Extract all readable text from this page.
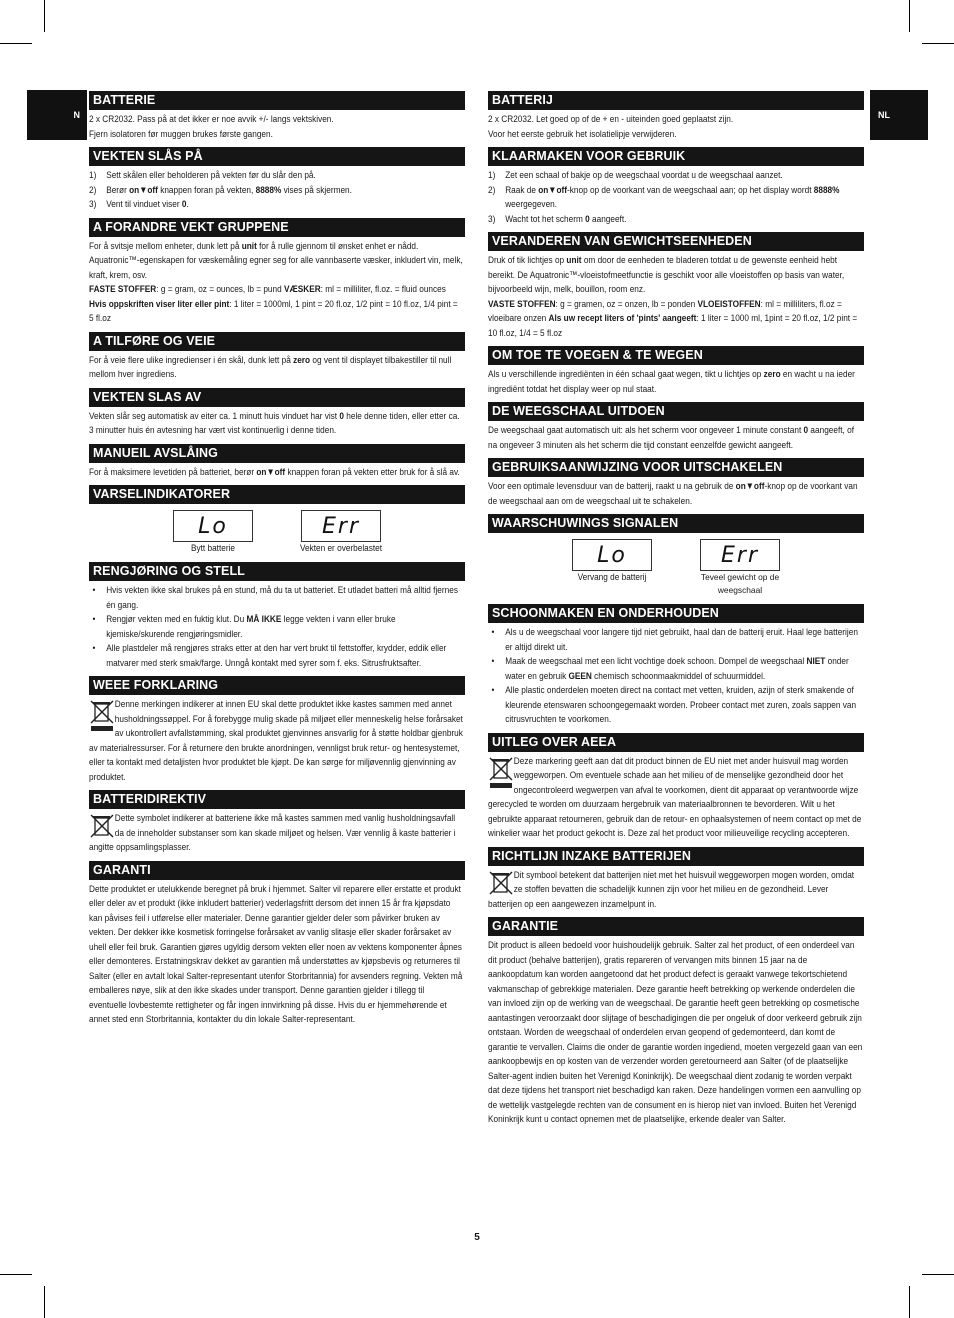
N	NL
BATTERIE
2 x CR2032. Pass på at det ikker er noe avvik +/- langs vektskiven.
Fjern isolatoren før muggen brukes første gangen.
VEKTEN SLÅS PÅ
1)	Sett skålen eller beholderen på vekten før du slår den på.
2)	Berør on▼off knappen foran på vekten, 8888% vises på skjermen.
3)	Vent til vinduet viser 0.
A FORANDRE VEKT GRUPPENE
For å svitsje mellom enheter, dunk lett på unit for å rulle gjennom til ønsket enhet er nådd. Aquatronic™-egenskapen for væskemåling egner seg for alle vannbaserte væsker, inkludert vin, melk, kraft, krem, osv.
FASTE STOFFER: g = gram, oz = ounces, lb = pund VÆSKER: ml = milliliter, fl.oz. = fluid ounces Hvis oppskriften viser liter eller pint: 1 liter = 1000ml, 1 pint = 20 fl.oz, 1/2 pint = 10 fl.oz, 1/4 pint = 5 fl.oz
A TILFØRE OG VEIE
For å veie flere ulike ingredienser i én skål, dunk lett på zero og vent til displayet tilbakestiller til null mellom hver ingrediens.
VEKTEN SLAS AV
Vekten slår seg automatisk av eiter ca. 1 minutt huis vinduet har vist 0 hele denne tiden, eller etter ca. 3 minutter huis én avtesning har vært vist kontinuerlig i denne tiden.
MANUEIL AVSLÅING
For å maksimere levetiden på batteriet, berør on▼off knappen foran på vekten etter bruk for å slå av.
VARSELINDIKATORER
Lo
Bytt batterie
Err
Vekten er overbelastet
RENGJØRING OG STELL
•	Hvis vekten ikke skal brukes på en stund, må du ta ut batteriet. Et utladet batteri må alltid fjernes én gang.
•	Rengjør vekten med en fuktig klut. Du MÅ IKKE legge vekten i vann eller bruke kjemiske/skurende rengjøringsmidler.
•	Alle plastdeler må rengjøres straks etter at den har vert brukt til fettstoffer, krydder, eddik eller matvarer med sterk smak/farge. Unngå kontakt med syrer som f. eks. Sitrusfruktsafter.
WEEE FORKLARING
Denne merkingen indikerer at innen EU skal dette produktet ikke kastes sammen med annet husholdningssøppel. For å forebygge mulig skade på miljøet eller menneskelig helse forårsaket av ukontrollert avfallstømming, skal produktet gjenvinnes ansvarlig for å støtte holdbar gjenbruk av materialressurser. For å returnere den brukte anordningen, vennligst bruk retur- og hentesystemet, eller ta kontakt med detaljisten hvor produktet ble kjøpt. De kan sørge for miljøvennlig gjenvinning av produktet.
BATTERIDIREKTIV
Dette symbolet indikerer at batteriene ikke må kastes sammen med vanlig husholdningsavfall da de inneholder substanser som kan skade miljøet og helsen. Vær vennlig å kaste batterier i angitte oppsamlingsplasser.
GARANTI
Dette produktet er utelukkende beregnet på bruk i hjemmet. Salter vil reparere eller erstatte et produkt eller deler av et produkt (ikke inkludert batterier) vederlagsfritt dersom det innen 15 år fra kjøpsdato kan påvises feil i utførelse eller materialer. Denne garantier gjelder deler som påvirker bruken av vekten. Der dekker ikke kosmetisk forringelse forårsaket av vanlig slitasje eller skader forårsaket av uhell eller feil bruk. Garantien gjøres ugyldig dersom vekten eller noen av vektens komponenter åpnes eller demonteres. Erstatningskrav dekket av garantien må understøttes av kjøpsbevis og returneres til Salter (eller en avtalt lokal Salter-representant utenfor Storbritannia) for avsenders regning. Vekten må emballeres nøye, slik at den ikke skades under transport. Denne garantien gjelder i tillegg til eventuelle lovbestemte rettigheter og får ingen innvirkning på disse. Hvis du er hjemmehørende et annet sted enn Storbritannia, kontakter du din lokale Salter-representant.
BATTERIJ
2 x CR2032. Let goed op of de + en - uiteinden goed geplaatst zijn.
Voor het eerste gebruik het isolatielipje verwijderen.
KLAARMAKEN VOOR GEBRUIK
1)	Zet een schaal of bakje op de weegschaal voordat u de weegschaal aanzet.
2)	Raak de on▼off-knop op de voorkant van de weegschaal aan; op het display wordt 8888% weergegeven.
3)	Wacht tot het scherm 0 aangeeft.
VERANDEREN VAN GEWICHTSEENHEDEN
Druk of tik lichtjes op unit om door de eenheden te bladeren totdat u de gewenste eenheid hebt bereikt. De Aquatronic™-vloeistofmeetfunctie is geschikt voor alle vloeistoffen op basis van water, bijvoorbeeld wijn, melk, bouillon, room enz.
VASTE STOFFEN: g = gramen, oz = onzen, lb = ponden VLOEISTOFFEN: ml = milliliters, fl.oz = vloeibare onzen Als uw recept liters of 'pints' aangeeft: 1 liter = 1000 ml, 1pint = 20 fl.oz, 1/2 pint = 10 fl.oz, 1/4 = 5 fl.oz
OM TOE TE VOEGEN & TE WEGEN
Als u verschillende ingrediënten in één schaal gaat wegen, tikt u lichtjes op zero en wacht u na ieder ingrediënt totdat het display weer op nul staat.
DE WEEGSCHAAL UITDOEN
De weegschaal gaat automatisch uit: als het scherm voor ongeveer 1 minute constant 0 aangeeft, of na ongeveer 3 minuten als het scherm die tijd constant eenzelfde gewicht aangeeft.
GEBRUIKSAANWIJZING VOOR UITSCHAKELEN
Voor een optimale levensduur van de batterij, raakt u na gebruik de on▼off-knop op de voorkant van de weegschaal aan om de weegschaal uit te schakelen.
WAARSCHUWINGS SIGNALEN
Lo
Vervang de batterij
Err
Teveel gewicht op de weegschaal
SCHOONMAKEN EN ONDERHOUDEN
•	Als u de weegschaal voor langere tijd niet gebruikt, haal dan de batterij eruit. Haal lege batterijen er altijd direkt uit.
•	Maak de weegschaal met een licht vochtige doek schoon. Dompel de weegschaal NIET onder water en gebruik GEEN chemisch schoonmaakmiddel of schuurmiddel.
•	Alle plastic onderdelen moeten direct na contact met vetten, kruiden, azijn of sterk smakende of kleurende etenswaren schoongegemaakt worden. Probeer contact met zuren, zoals sappen van citrusvruchten te voorkomen.
UITLEG OVER AEEA
Deze markering geeft aan dat dit product binnen de EU niet met ander huisvuil mag worden weggeworpen. Om eventuele schade aan het milieu of de menselijke gezondheid door het ongecontroleerd wegwerpen van afval te voorkomen, dient dit apparaat op verantwoorde wijze gerecycled te worden om duurzaam hergebruik van materiaalbronnen te bevorderen. Wilt u het gebruikte apparaat retourneren, gebruik dan de retour- en ophaalsystemen of neem contact op met de winkelier waar het product gekocht is. Deze zal het product voor milieuveilige recycling accepteren.
RICHTLIJN INZAKE BATTERIJEN
Dit symbool betekent dat batterijen niet met het huisvuil weggeworpen mogen worden, omdat ze stoffen bevatten die schadelijk kunnen zijn voor het milieu en de gezondheid. Lever batterijen op een aangewezen inzamelpunt in.
GARANTIE
Dit product is alleen bedoeld voor huishoudelijk gebruik. Salter zal het product, of een onderdeel van dit product (behalve batterijen), gratis repareren of vervangen mits binnen 15 jaar na de aankoopdatum kan worden aangetoond dat het product defect is geraakt vanwege tekortschietend vakmanschap of gebrekkige materialen. Deze garantie heeft betrekking op werkende onderdelen die van invloed zijn op de werking van de weegschaal. De garantie heeft geen betrekking op cosmetische aantastingen veroorzaakt door slijtage of beschadigingen die per ongeluk of door verkeerd gebruik zijn ontstaan. Worden de weegschaal of onderdelen ervan geopend of gedemonteerd, dan komt de garantie te vervallen. Claims die onder de garantie worden ingediend, moeten vergezeld gaan van een aankoopbewijs en op kosten van de verzender worden geretourneerd aan Salter (of de plaatselijke Salter-agent indien buiten het Verenigd Koninkrijk). De weegschaal dient zodanig te worden verpakt dat deze tijdens het transport niet beschadigd kan raken. Deze handelingen vormen een aanvulling op de wettelijk vastgelegde rechten van de consument en is hierop niet van invloed. Buiten het Verenigd Koninkrijk kunt u contact opnemen met de plaatselijke, erkende dealer van Salter.
5
